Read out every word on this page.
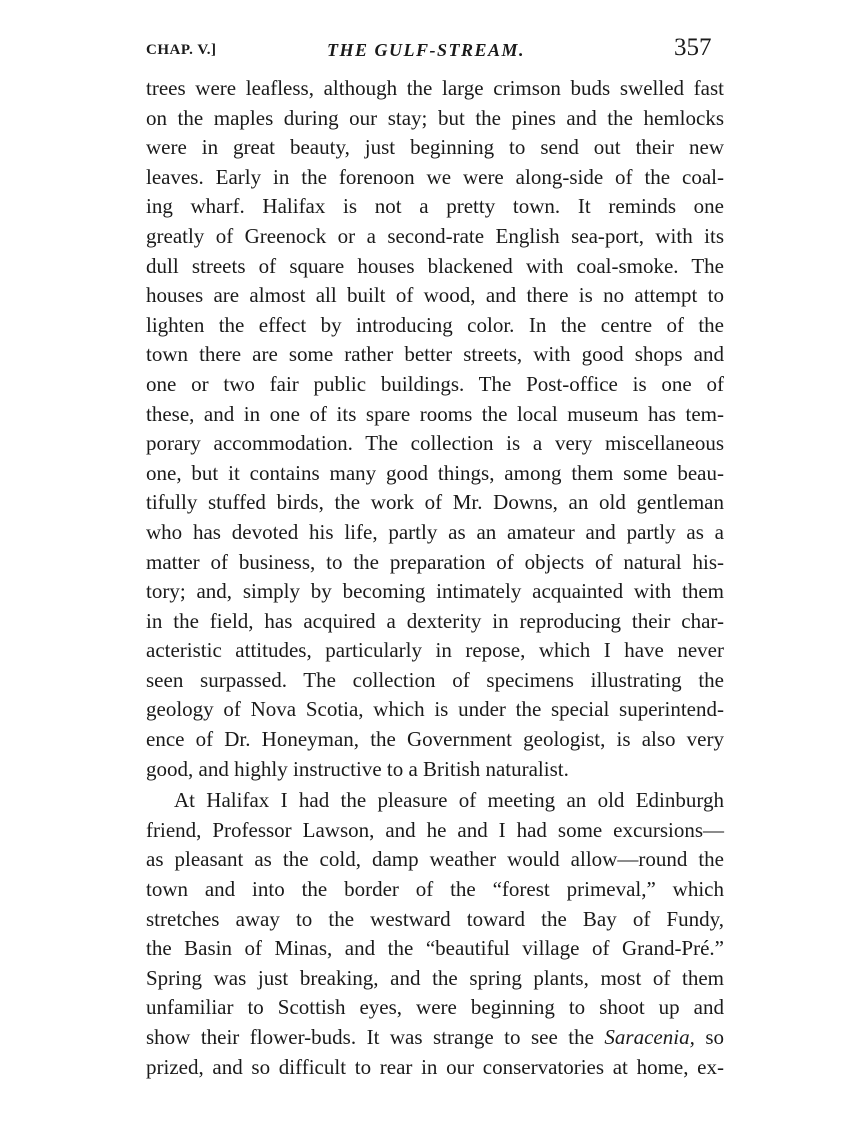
CHAP. V.]	THE GULF-STREAM.	357
trees were leafless, although the large crimson buds swelled fast
on the maples during our stay; but the pines and the hemlocks
were in great beauty, just beginning to send out their new
leaves. Early in the forenoon we were along-side of the coal-
ing wharf. Halifax is not a pretty town. It reminds one
greatly of Greenock or a second-rate English sea-port, with its
dull streets of square houses blackened with coal-smoke. The
houses are almost all built of wood, and there is no attempt to
lighten the effect by introducing color. In the centre of the
town there are some rather better streets, with good shops and
one or two fair public buildings. The Post-office is one of
these, and in one of its spare rooms the local museum has tem-
porary accommodation. The collection is a very miscellaneous
one, but it contains many good things, among them some beau-
tifully stuffed birds, the work of Mr. Downs, an old gentleman
who has devoted his life, partly as an amateur and partly as a
matter of business, to the preparation of objects of natural his-
tory; and, simply by becoming intimately acquainted with them
in the field, has acquired a dexterity in reproducing their char-
acteristic attitudes, particularly in repose, which I have never
seen surpassed. The collection of specimens illustrating the
geology of Nova Scotia, which is under the special superintend-
ence of Dr. Honeyman, the Government geologist, is also very
good, and highly instructive to a British naturalist.
At Halifax I had the pleasure of meeting an old Edinburgh
friend, Professor Lawson, and he and I had some excursions—
as pleasant as the cold, damp weather would allow—round the
town and into the border of the “forest primeval,” which
stretches away to the westward toward the Bay of Fundy,
the Basin of Minas, and the “beautiful village of Grand-Pré.”
Spring was just breaking, and the spring plants, most of them
unfamiliar to Scottish eyes, were beginning to shoot up and
show their flower-buds. It was strange to see the Saracenia, so
prized, and so difficult to rear in our conservatories at home, ex-
